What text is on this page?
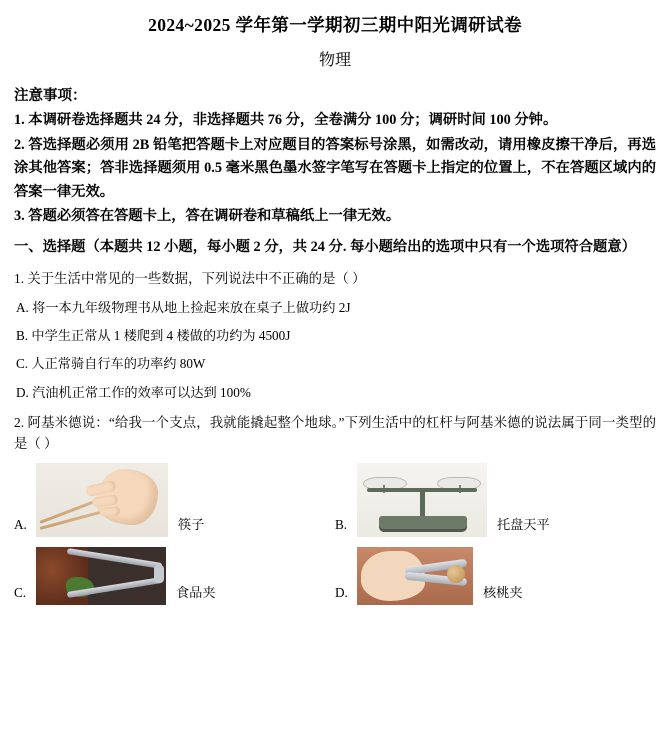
2024~2025 学年第一学期初三期中阳光调研试卷
物理
注意事项：
1. 本调研卷选择题共 24 分，非选择题共 76 分，全卷满分 100 分；调研时间 100 分钟。
2. 答选择题必须用 2B 铅笔把答题卡上对应题目的答案标号涂黑，如需改动，请用橡皮擦干净后，再选涂其他答案；答非选择题须用 0.5 毫米黑色墨水签字笔写在答题卡上指定的位置上，不在答题区域内的答案一律无效。
3. 答题必须答在答题卡上，答在调研卷和草稿纸上一律无效。
一、选择题（本题共 12 小题，每小题 2 分，共 24 分. 每小题给出的选项中只有一个选项符合题意）
1. 关于生活中常见的一些数据，下列说法中不正确的是（ ）
A. 将一本九年级物理书从地上捡起来放在桌子上做功约 2J
B. 中学生正常从 1 楼爬到 4 楼做的功约为 4500J
C. 人正常骑自行车的功率约 80W
D. 汽油机正常工作的效率可以达到 100%
2. 阿基米德说：“给我一个支点，我就能撬起整个地球。”下列生活中的杠杆与阿基米德的说法属于同一类型的是（ ）
A.	筷子	B.	托盘天平
C.	食品夹	D.	核桃夹
